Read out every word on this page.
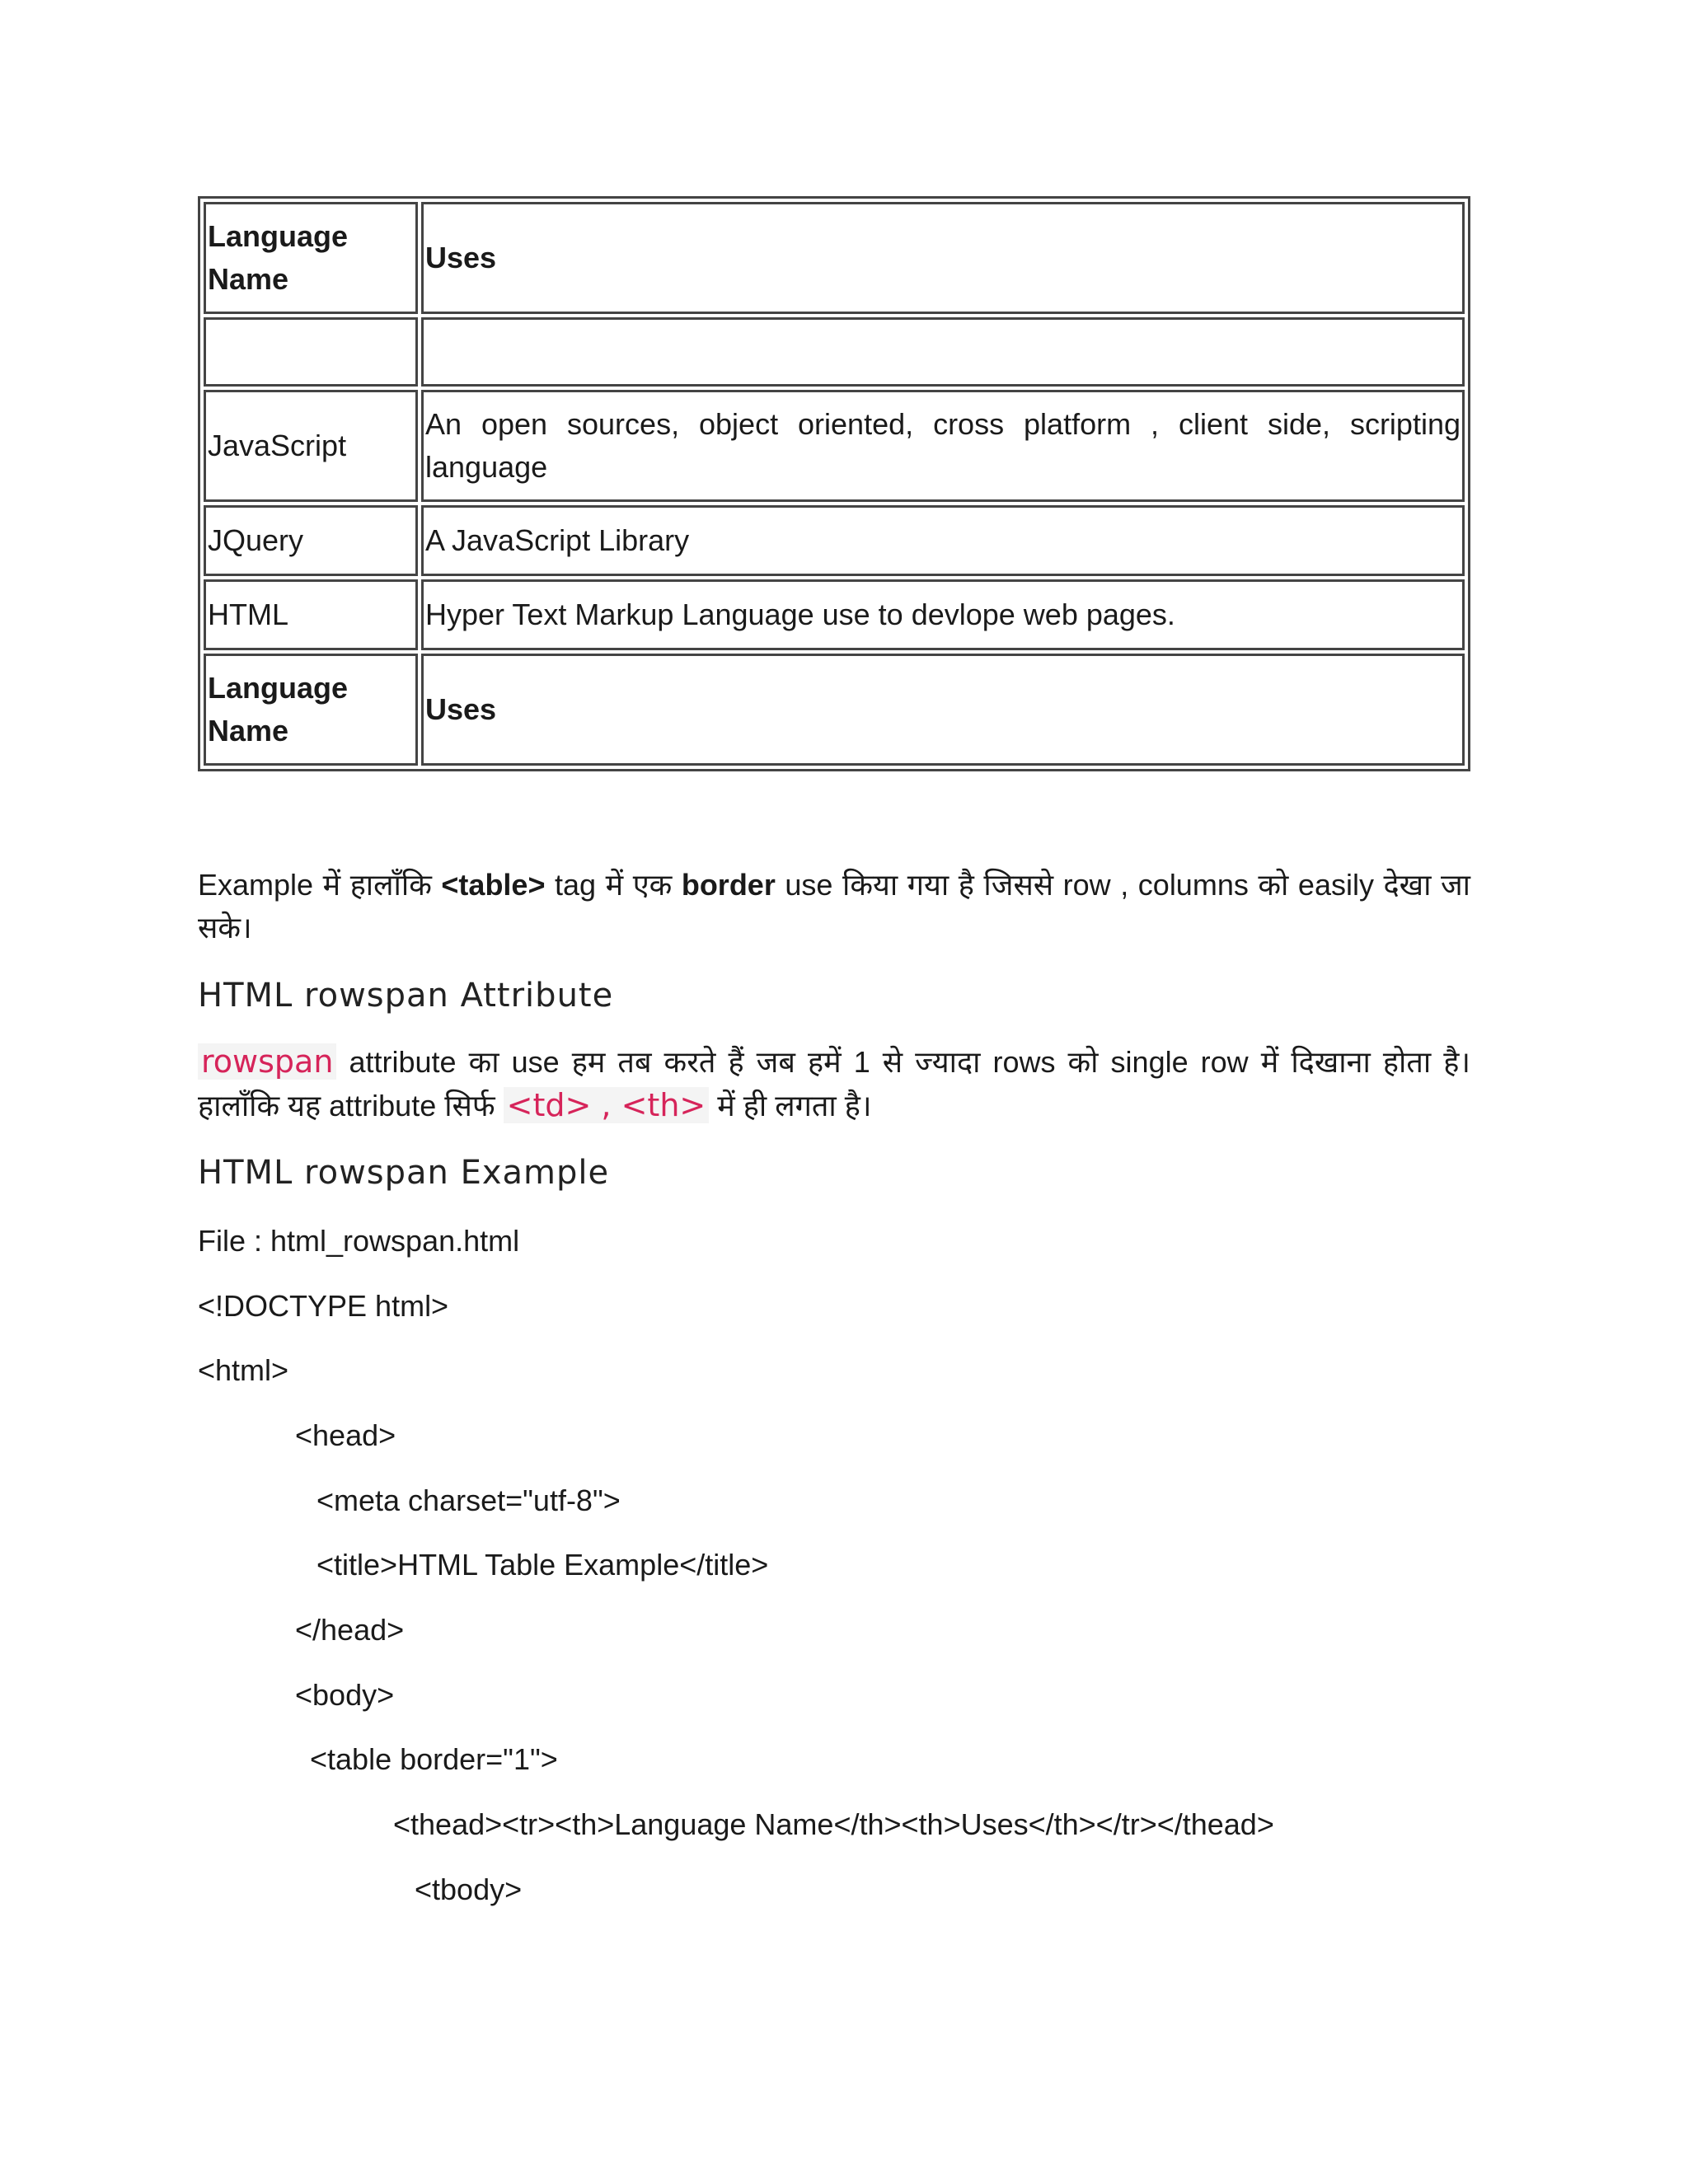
Language Name	Uses

JavaScript	An open sources, object oriented, cross platform , client side, scripting language
JQuery	A JavaScript Library
HTML	Hyper Text Markup Language use to devlope web pages.
Language Name	Uses

Example में हालाँकि <table> tag में एक border use किया गया है जिससे row , columns को easily देखा जा सके।

HTML rowspan Attribute

rowspan attribute का use हम तब करते हैं जब हमें 1 से ज्यादा rows को single row में दिखाना होता है। हालाँकि यह attribute सिर्फ <td> , <th> में ही लगता है।

HTML rowspan Example

File : html_rowspan.html

<!DOCTYPE html>

<html>

<head>

<meta charset="utf-8">

<title>HTML Table Example</title>

</head>

<body>

<table border="1">

<thead><tr><th>Language Name</th><th>Uses</th></tr></thead>

<tbody>
